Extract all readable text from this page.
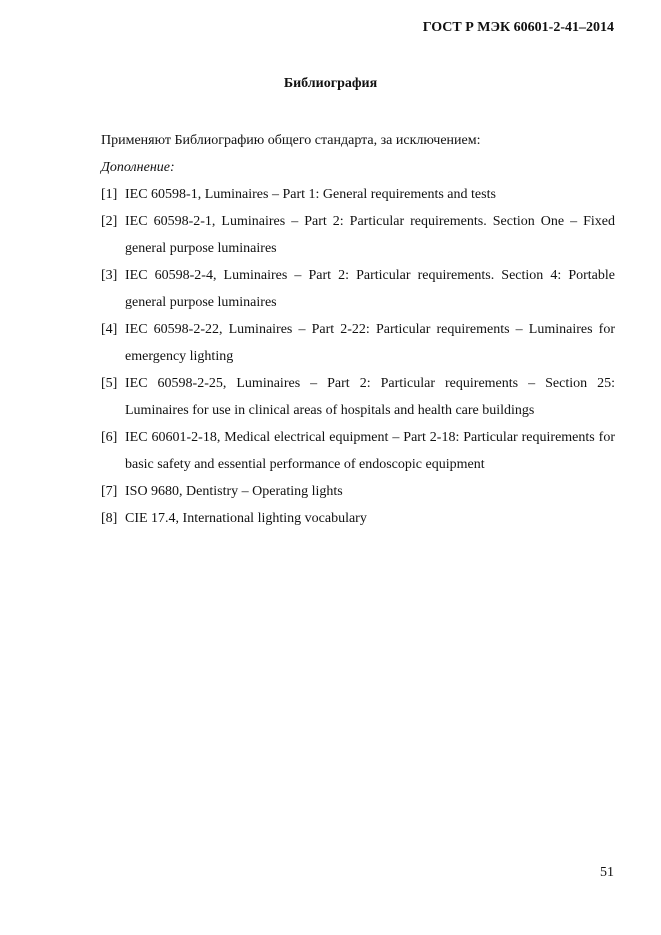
ГОСТ Р МЭК 60601-2-41–2014
Библиография

Применяют Библиографию общего стандарта, за исключением:

Дополнение:

[1] IEC 60598-1, Luminaires – Part 1: General requirements and tests
[2] IEC 60598-2-1, Luminaires – Part 2: Particular requirements. Section One – Fixed general purpose luminaires
[3] IEC 60598-2-4, Luminaires – Part 2: Particular requirements. Section 4: Portable general purpose luminaires
[4] IEC 60598-2-22, Luminaires – Part 2-22: Particular requirements – Luminaires for emergency lighting
[5] IEC 60598-2-25, Luminaires – Part 2: Particular requirements – Section 25: Luminaires for use in clinical areas of hospitals and health care buildings
[6] IEC 60601-2-18, Medical electrical equipment – Part 2-18: Particular requirements for basic safety and essential performance of endoscopic equipment
[7] ISO 9680, Dentistry – Operating lights
[8] CIE 17.4, International lighting vocabulary
51
